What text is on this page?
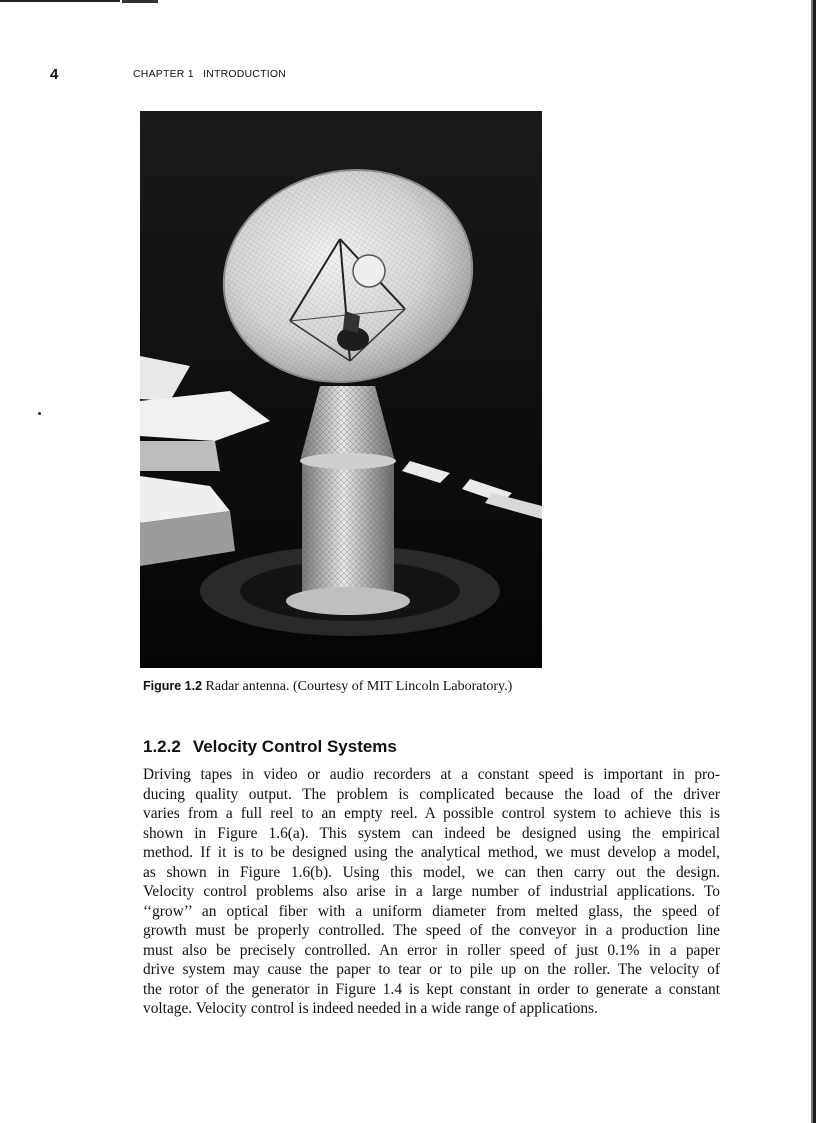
4	CHAPTER 1   INTRODUCTION
Figure 1.2 Radar antenna. (Courtesy of MIT Lincoln Laboratory.)
1.2.2 Velocity Control Systems
Driving tapes in video or audio recorders at a constant speed is important in pro-
ducing quality output. The problem is complicated because the load of the driver
varies from a full reel to an empty reel. A possible control system to achieve this is
shown in Figure 1.6(a). This system can indeed be designed using the empirical
method. If it is to be designed using the analytical method, we must develop a model,
as shown in Figure 1.6(b). Using this model, we can then carry out the design.
Velocity control problems also arise in a large number of industrial applications. To
‘‘grow’’ an optical fiber with a uniform diameter from melted glass, the speed of
growth must be properly controlled. The speed of the conveyor in a production line
must also be precisely controlled. An error in roller speed of just 0.1% in a paper
drive system may cause the paper to tear or to pile up on the roller. The velocity of
the rotor of the generator in Figure 1.4 is kept constant in order to generate a constant
voltage. Velocity control is indeed needed in a wide range of applications.
